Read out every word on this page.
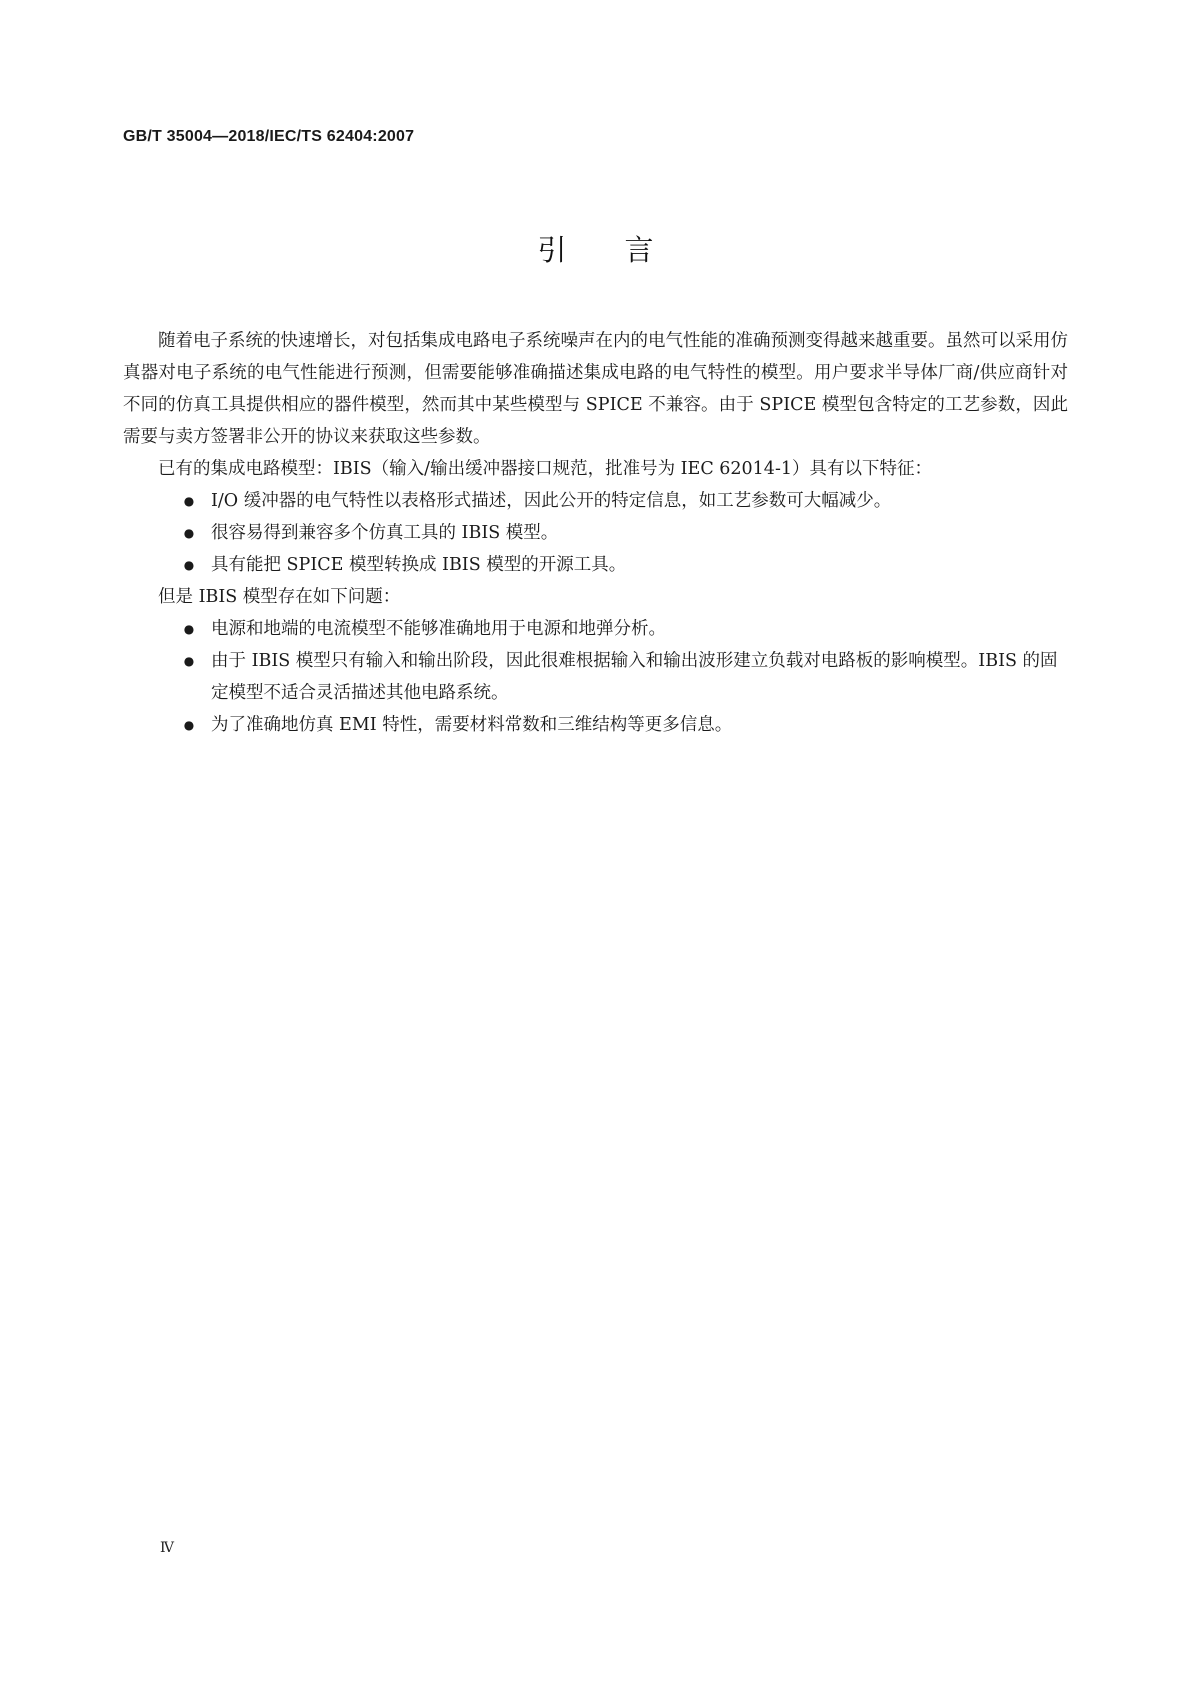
GB/T 35004—2018/IEC/TS 62404:2007
引言

随着电子系统的快速增长，对包括集成电路电子系统噪声在内的电气性能的准确预测变得越来越重要。虽然可以采用仿真器对电子系统的电气性能进行预测，但需要能够准确描述集成电路的电气特性的模型。用户要求半导体厂商/供应商针对不同的仿真工具提供相应的器件模型，然而其中某些模型与 SPICE 不兼容。由于 SPICE 模型包含特定的工艺参数，因此需要与卖方签署非公开的协议来获取这些参数。

已有的集成电路模型：IBIS（输入/输出缓冲器接口规范，批准号为 IEC 62014-1）具有以下特征：

● I/O 缓冲器的电气特性以表格形式描述，因此公开的特定信息，如工艺参数可大幅减少。
● 很容易得到兼容多个仿真工具的 IBIS 模型。
● 具有能把 SPICE 模型转换成 IBIS 模型的开源工具。

但是 IBIS 模型存在如下问题：

● 电源和地端的电流模型不能够准确地用于电源和地弹分析。
● 由于 IBIS 模型只有输入和输出阶段，因此很难根据输入和输出波形建立负载对电路板的影响模型。IBIS 的固定模型不适合灵活描述其他电路系统。
● 为了准确地仿真 EMI 特性，需要材料常数和三维结构等更多信息。
Ⅳ
